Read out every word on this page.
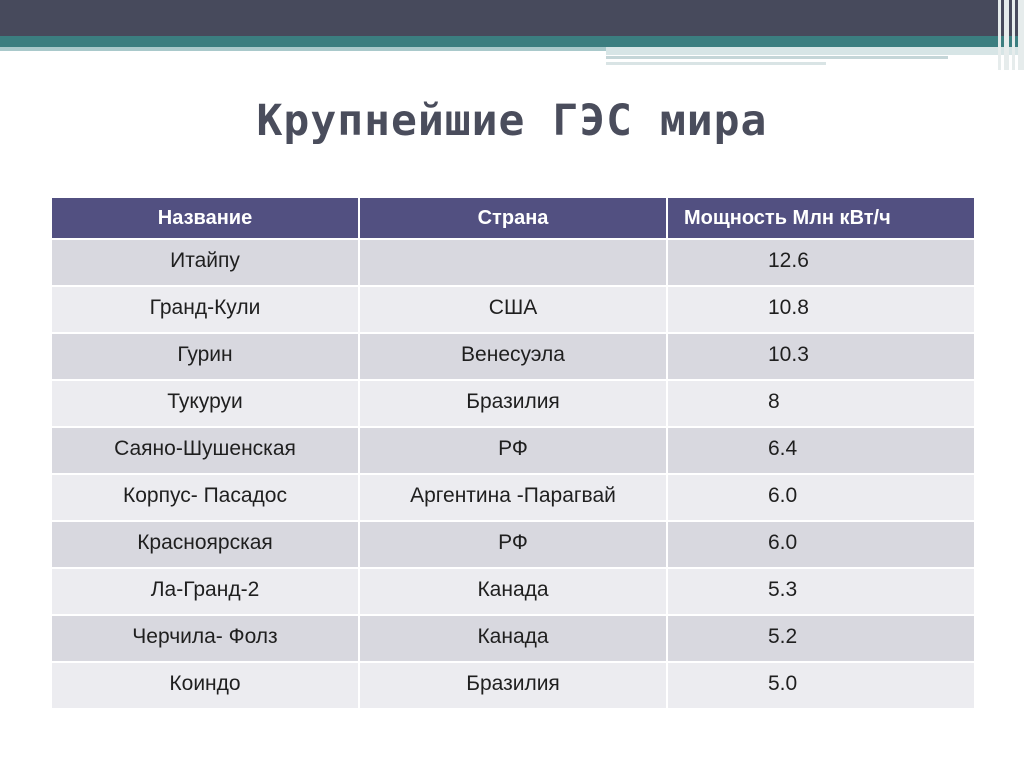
Крупнейшие ГЭС мира
Название	Страна	Мощность Млн кВт/ч
Итайпу		12.6
Гранд-Кули	США	10.8
Гурин	Венесуэла	10.3
Тукуруи	Бразилия	8
Саяно-Шушенская	РФ	6.4
Корпус- Пасадос	Аргентина -Парагвай	6.0
Красноярская	РФ	6.0
Ла-Гранд-2	Канада	5.3
Черчила- Фолз	Канада	5.2
Коиндо	Бразилия	5.0
